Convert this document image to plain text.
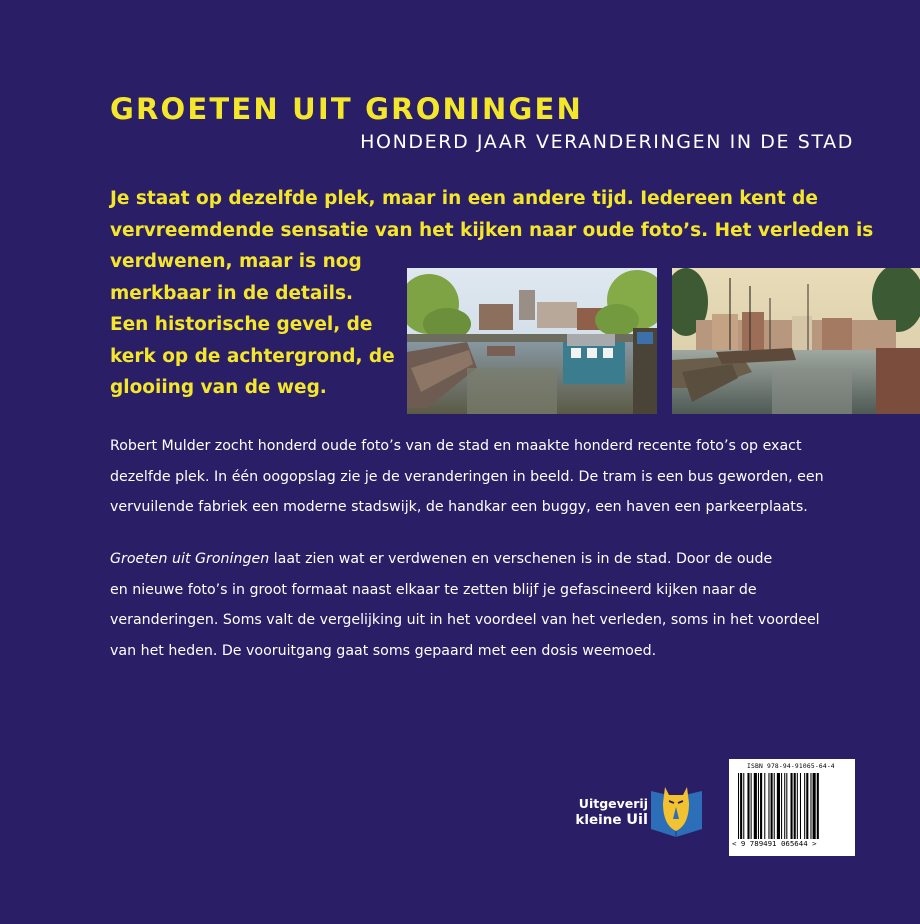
GROETEN UIT GRONINGEN
HONDERD JAAR VERANDERINGEN IN DE STAD
Je staat op dezelfde plek, maar in een andere tijd. Iedereen kent de
vervreemdende sensatie van het kijken naar oude foto’s. Het verleden is
verdwenen, maar is nog
merkbaar in de details.
Een historische gevel, de
kerk op de achtergrond, de
glooiing van de weg.
Robert Mulder zocht honderd oude foto’s van de stad en maakte honderd recente foto’s op exact
dezelfde plek. In één oogopslag zie je de veranderingen in beeld. De tram is een bus geworden, een
vervuilende fabriek een moderne stadswijk, de handkar een buggy, een haven een parkeerplaats.
Groeten uit Groningen laat zien wat er verdwenen en verschenen is in de stad. Door de oude
en nieuwe foto’s in groot formaat naast elkaar te zetten blijf je gefascineerd kijken naar de
veranderingen. Soms valt de vergelijking uit in het voordeel van het verleden, soms in het voordeel
van het heden. De vooruitgang gaat soms gepaard met een dosis weemoed.
Uitgeverij
kleine Uil
ISBN 978-94-91065-64-4
< 9 789491 065644 >
